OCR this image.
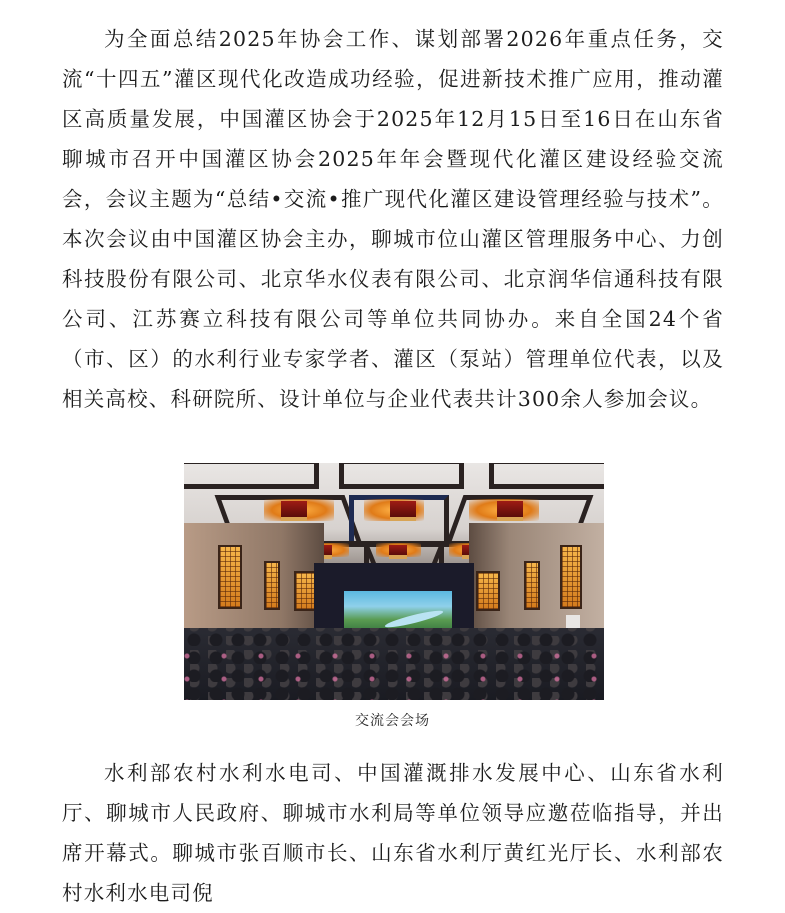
为全面总结2025年协会工作、谋划部署2026年重点任务，交流“十四五”灌区现代化改造成功经验，促进新技术推广应用，推动灌区高质量发展，中国灌区协会于2025年12月15日至16日在山东省聊城市召开中国灌区协会2025年年会暨现代化灌区建设经验交流会，会议主题为“总结•交流•推广现代化灌区建设管理经验与技术”。本次会议由中国灌区协会主办，聊城市位山灌区管理服务中心、力创科技股份有限公司、北京华水仪表有限公司、北京润华信通科技有限公司、江苏赛立科技有限公司等单位共同协办。来自全国24个省（市、区）的水利行业专家学者、灌区（泵站）管理单位代表，以及相关高校、科研院所、设计单位与企业代表共计300余人参加会议。

交流会会场

水利部农村水利水电司、中国灌溉排水发展中心、山东省水利厅、聊城市人民政府、聊城市水利局等单位领导应邀莅临指导，并出席开幕式。聊城市张百顺市长、山东省水利厅黄红光厅长、水利部农村水利水电司倪
